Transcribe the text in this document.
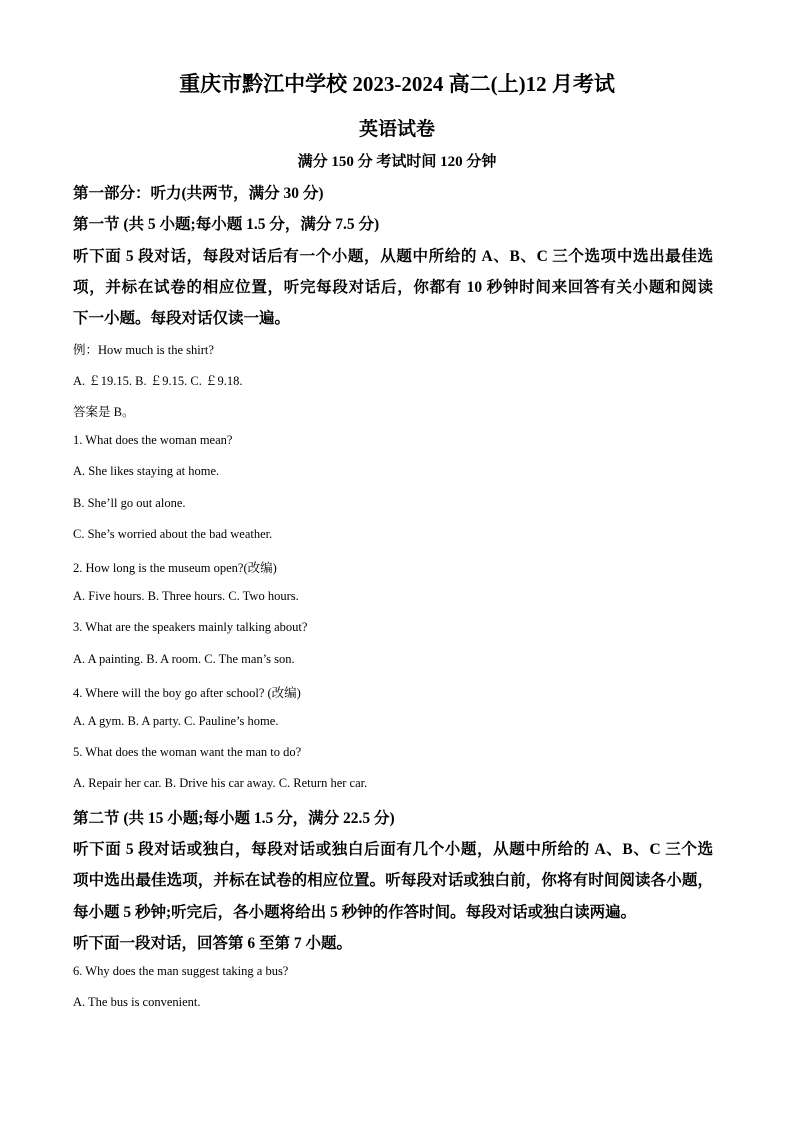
重庆市黔江中学校 2023-2024 高二(上)12 月考试
英语试卷
满分 150 分 考试时间 120 分钟
第一部分：听力(共两节，满分 30 分)
第一节 (共 5 小题;每小题 1.5 分，满分 7.5 分)
听下面 5 段对话，每段对话后有一个小题，从题中所给的 A、B、C 三个选项中选出最佳选
项，并标在试卷的相应位置，听完每段对话后，你都有 10 秒钟时间来回答有关小题和阅读
下一小题。每段对话仅读一遍。
例：How much is the shirt?
A. ￡19.15. B. ￡9.15. C. ￡9.18.
答案是 B。
1. What does the woman mean?
A. She likes staying at home.
B. She’ll go out alone.
C. She’s worried about the bad weather.
2. How long is the museum open?(改编)
A. Five hours. B. Three hours. C. Two hours.
3. What are the speakers mainly talking about?
A. A painting. B. A room. C. The man’s son.
4. Where will the boy go after school? (改编)
A. A gym. B. A party. C. Pauline’s home.
5. What does the woman want the man to do?
A. Repair her car. B. Drive his car away. C. Return her car.
第二节 (共 15 小题;每小题 1.5 分，满分 22.5 分)
听下面 5 段对话或独白，每段对话或独白后面有几个小题，从题中所给的 A、B、C 三个选
项中选出最佳选项，并标在试卷的相应位置。听每段对话或独白前，你将有时间阅读各小题，
每小题 5 秒钟;听完后，各小题将给出 5 秒钟的作答时间。每段对话或独白读两遍。
听下面一段对话，回答第 6 至第 7 小题。
6. Why does the man suggest taking a bus?
A. The bus is convenient.
